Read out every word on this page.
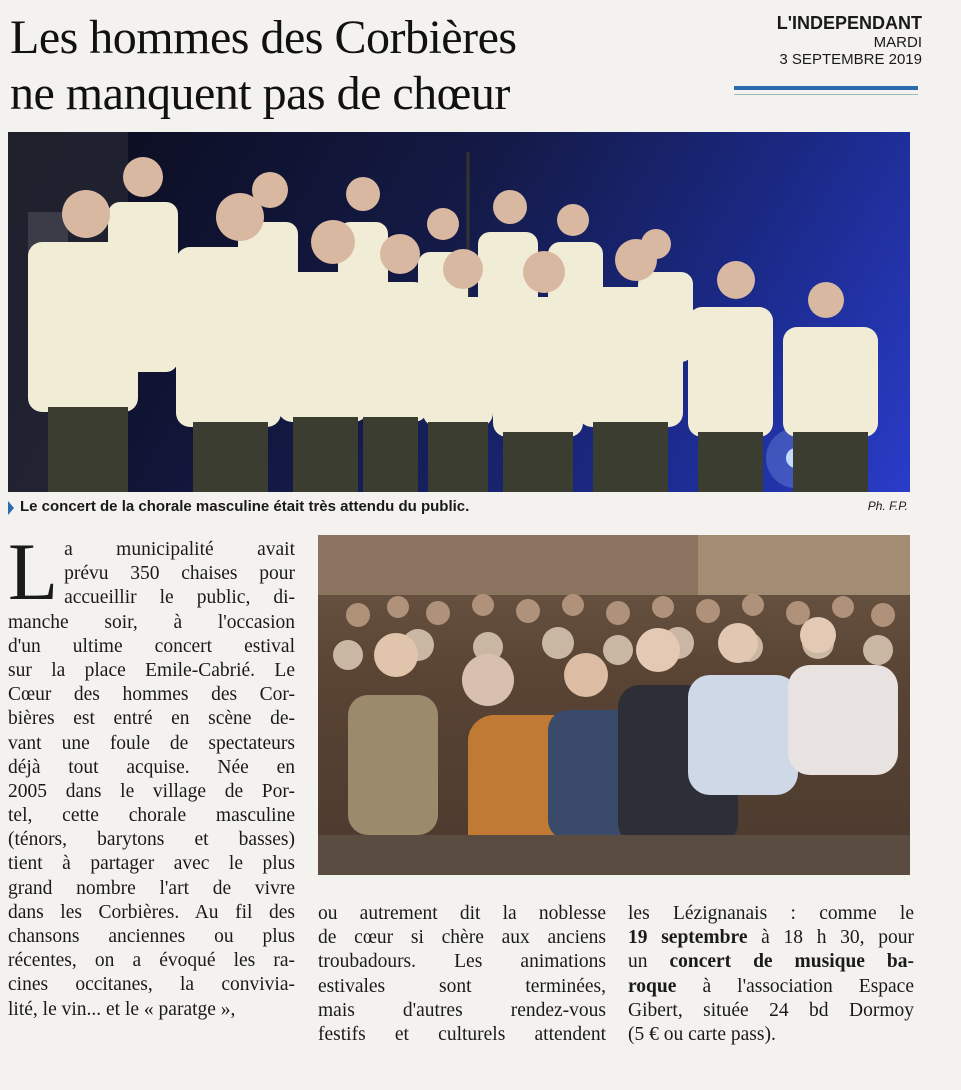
Les hommes des Corbières
ne manquent pas de chœur
L'INDEPENDANT
MARDI
3 SEPTEMBRE 2019
Le concert de la chorale masculine était très attendu du public.	Ph. F.P.
L a municipalité avait
prévu 350 chaises pour
accueillir le public, di-
manche soir, à l'occasion
d'un ultime concert estival
sur la place Emile-Cabrié. Le
Cœur des hommes des Cor-
bières est entré en scène de-
vant une foule de spectateurs
déjà tout acquise. Née en
2005 dans le village de Por-
tel, cette chorale masculine
(ténors, barytons et basses)
tient à partager avec le plus
grand nombre l'art de vivre
dans les Corbières. Au fil des
chansons anciennes ou plus
récentes, on a évoqué les ra-
cines occitanes, la convivia-
lité, le vin... et le « paratge »,
ou autrement dit la noblesse
de cœur si chère aux anciens
troubadours. Les animations
estivales sont terminées,
mais d'autres rendez-vous
festifs et culturels attendent
les Lézignanais : comme le
19 septembre à 18 h 30, pour
un concert de musique ba-
roque à l'association Espace
Gibert, située 24 bd Dormoy
(5 € ou carte pass).
